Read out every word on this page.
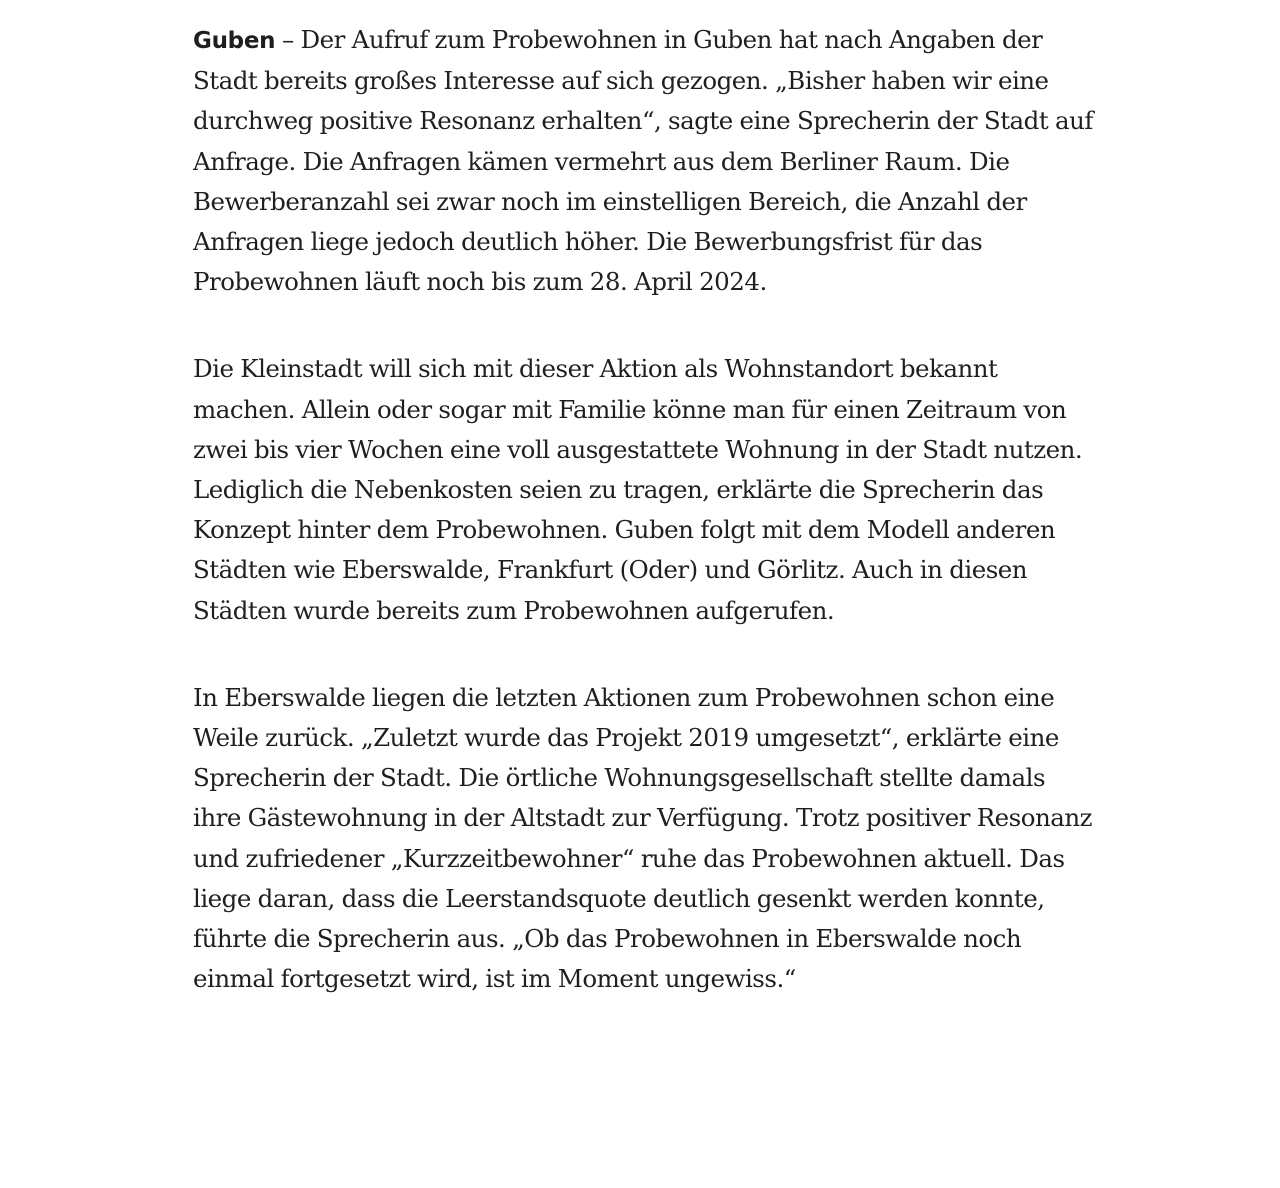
Guben – Der Aufruf zum Probewohnen in Guben hat nach Angaben der Stadt bereits großes Interesse auf sich gezogen. „Bisher haben wir eine durchweg positive Resonanz erhalten“, sagte eine Sprecherin der Stadt auf Anfrage. Die Anfragen kämen vermehrt aus dem Berliner Raum. Die Bewerberanzahl sei zwar noch im einstelligen Bereich, die Anzahl der Anfragen liege jedoch deutlich höher. Die Bewerbungsfrist für das Probewohnen läuft noch bis zum 28. April 2024.

Die Kleinstadt will sich mit dieser Aktion als Wohnstandort bekannt machen. Allein oder sogar mit Familie könne man für einen Zeitraum von zwei bis vier Wochen eine voll ausgestattete Wohnung in der Stadt nutzen. Lediglich die Nebenkosten seien zu tragen, erklärte die Sprecherin das Konzept hinter dem Probewohnen. Guben folgt mit dem Modell anderen Städten wie Eberswalde, Frankfurt (Oder) und Görlitz. Auch in diesen Städten wurde bereits zum Probewohnen aufgerufen.

In Eberswalde liegen die letzten Aktionen zum Probewohnen schon eine Weile zurück. „Zuletzt wurde das Projekt 2019 umgesetzt“, erklärte eine Sprecherin der Stadt. Die örtliche Wohnungsgesellschaft stellte damals ihre Gästewohnung in der Altstadt zur Verfügung. Trotz positiver Resonanz und zufriedener „Kurzzeitbewohner“ ruhe das Probewohnen aktuell. Das liege daran, dass die Leerstandsquote deutlich gesenkt werden konnte, führte die Sprecherin aus. „Ob das Probewohnen in Eberswalde noch einmal fortgesetzt wird, ist im Moment ungewiss.“
